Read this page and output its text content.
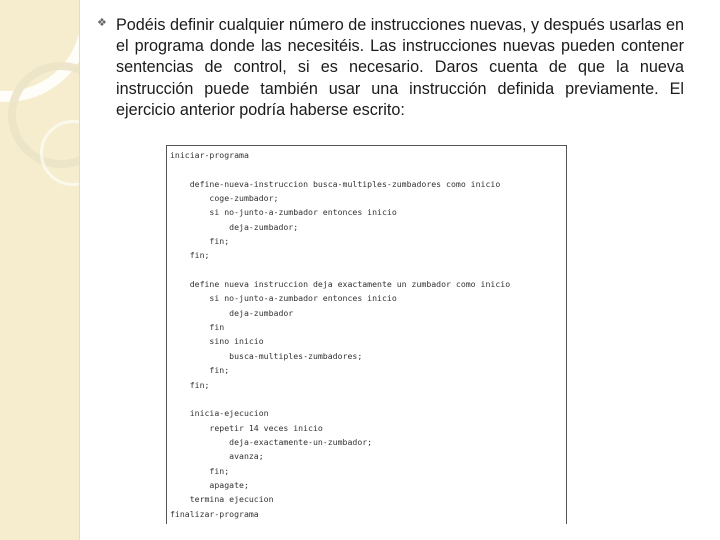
❖ Podéis definir cualquier número de instrucciones nuevas, y después usarlas en el programa donde las necesitéis. Las instrucciones nuevas pueden contener sentencias de control, si es necesario. Daros cuenta de que la nueva instrucción puede también usar una instrucción definida previamente. El ejercicio anterior podría haberse escrito:

iniciar-programa
define-nueva-instruccion busca-multiples-zumbadores como inicio
coge-zumbador;
si no-junto-a-zumbador entonces inicio
deja-zumbador;
fin;
fin;
define nueva instruccion deja exactamente un zumbador como inicio
si no-junto-a-zumbador entonces inicio
deja-zumbador
fin
sino inicio
busca-multiples-zumbadores;
fin;
fin;
inicia-ejecucion
repetir 14 veces inicio
deja-exactamente-un-zumbador;
avanza;
fin;
apagate;
termina ejecucion
finalizar-programa
